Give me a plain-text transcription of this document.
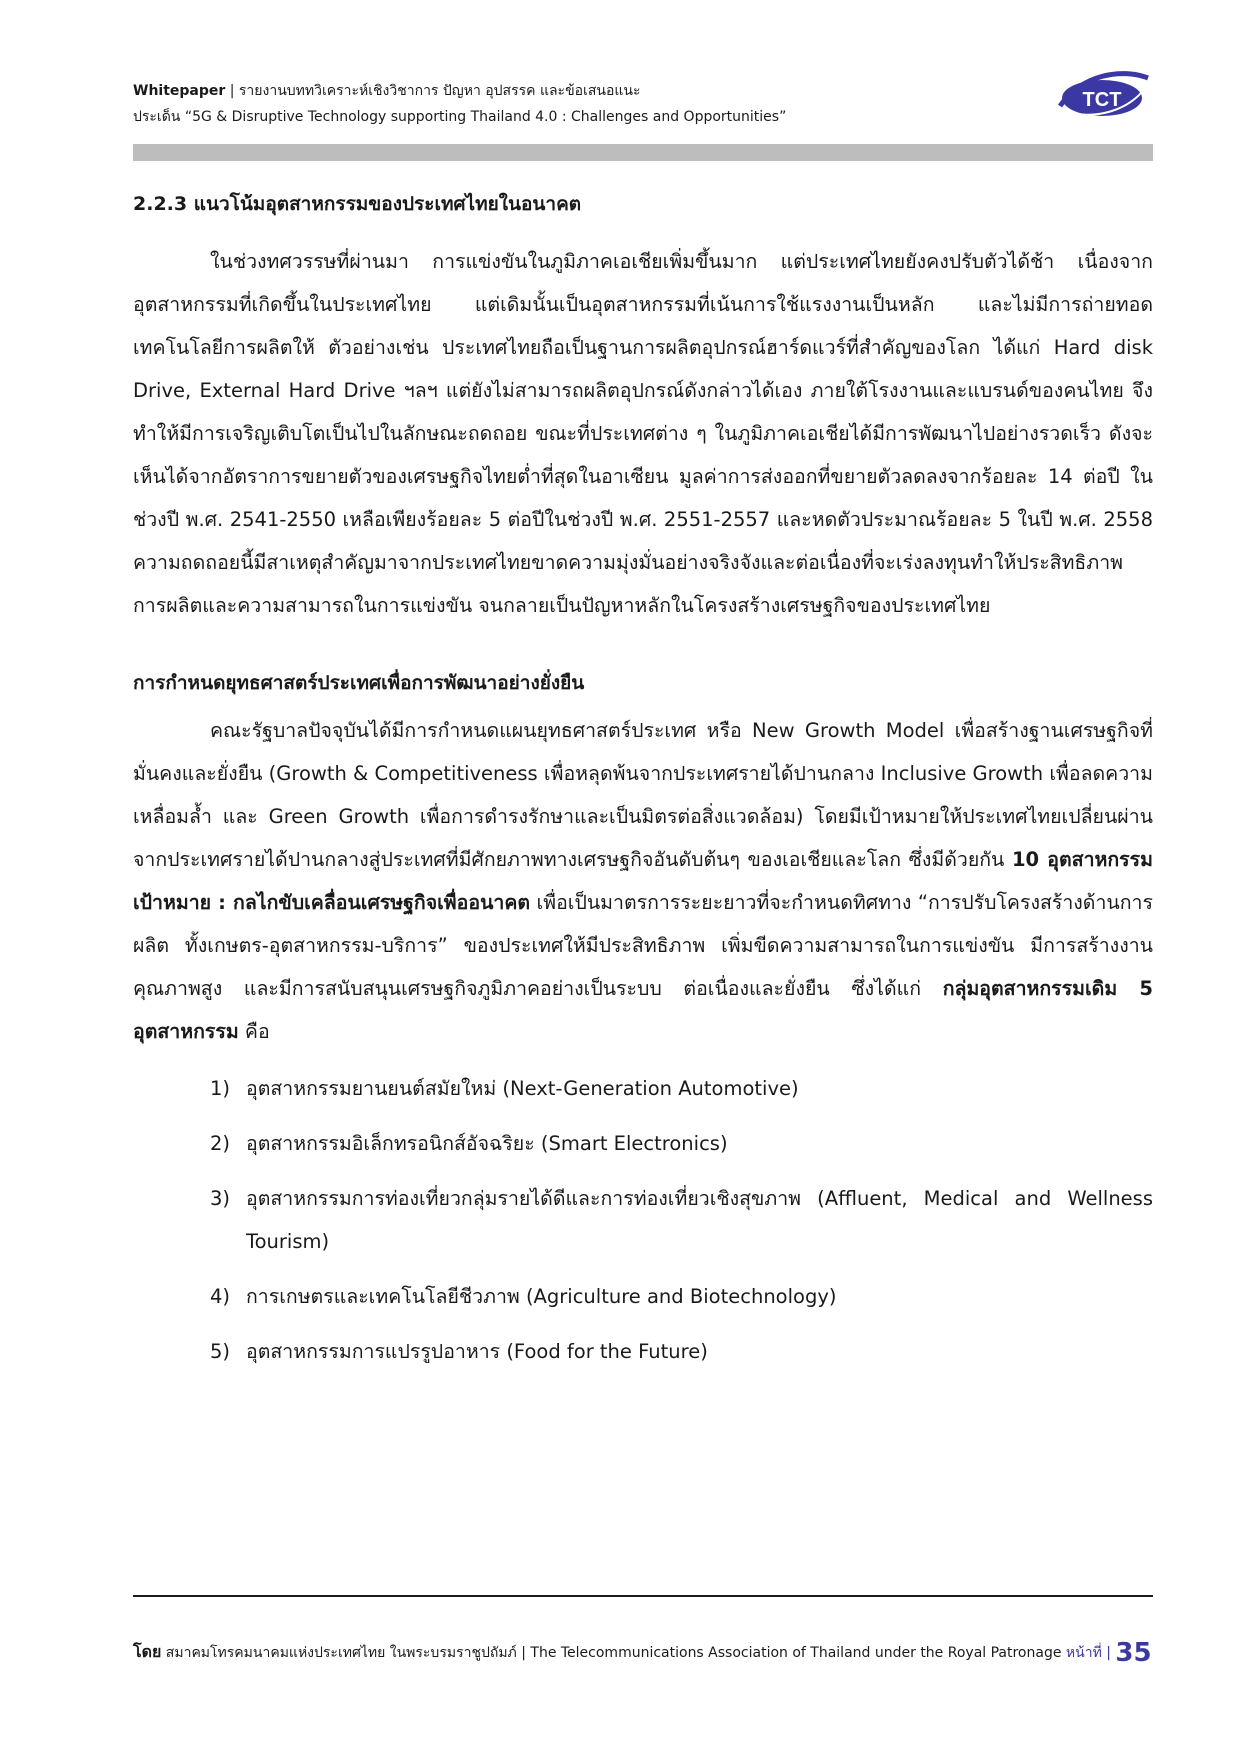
Whitepaper | รายงานบททวิเคราะห์เชิงวิชาการ ปัญหา อุปสรรค และข้อเสนอแนะ
ประเด็น “5G & Disruptive Technology supporting Thailand 4.0 : Challenges and Opportunities”
TCT
2.2.3 แนวโน้มอุตสาหกรรมของประเทศไทยในอนาคต

ในช่วงทศวรรษที่ผ่านมา การแข่งขันในภูมิภาคเอเชียเพิ่มขึ้นมาก แต่ประเทศไทยยังคงปรับตัวได้ช้า เนื่องจากอุตสาหกรรมที่เกิดขึ้นในประเทศไทย แต่เดิมนั้นเป็นอุตสาหกรรมที่เน้นการใช้แรงงานเป็นหลัก และไม่มีการถ่ายทอดเทคโนโลยีการผลิตให้ ตัวอย่างเช่น ประเทศไทยถือเป็นฐานการผลิตอุปกรณ์ฮาร์ดแวร์ที่สำคัญของโลก ได้แก่ Hard disk Drive, External Hard Drive ฯลฯ แต่ยังไม่สามารถผลิตอุปกรณ์ดังกล่าวได้เอง ภายใต้โรงงานและแบรนด์ของคนไทย จึงทำให้มีการเจริญเติบโตเป็นไปในลักษณะถดถอย ขณะที่ประเทศต่าง ๆ ในภูมิภาคเอเชียได้มีการพัฒนาไปอย่างรวดเร็ว ดังจะเห็นได้จากอัตราการขยายตัวของเศรษฐกิจไทยต่ำที่สุดในอาเซียน มูลค่าการส่งออกที่ขยายตัวลดลงจากร้อยละ 14 ต่อปี ในช่วงปี พ.ศ. 2541-2550 เหลือเพียงร้อยละ 5 ต่อปีในช่วงปี พ.ศ. 2551-2557 และหดตัวประมาณร้อยละ 5 ในปี พ.ศ. 2558 ความถดถอยนี้มีสาเหตุสำคัญมาจากประเทศไทยขาดความมุ่งมั่นอย่างจริงจังและต่อเนื่องที่จะเร่งลงทุนทำให้ประสิทธิภาพการผลิตและความสามารถในการแข่งขัน จนกลายเป็นปัญหาหลักในโครงสร้างเศรษฐกิจของประเทศไทย

การกำหนดยุทธศาสตร์ประเทศเพื่อการพัฒนาอย่างยั่งยืน

คณะรัฐบาลปัจจุบันได้มีการกำหนดแผนยุทธศาสตร์ประเทศ หรือ New Growth Model เพื่อสร้างฐานเศรษฐกิจที่มั่นคงและยั่งยืน (Growth & Competitiveness เพื่อหลุดพ้นจากประเทศรายได้ปานกลาง Inclusive Growth เพื่อลดความเหลื่อมล้ำ และ Green Growth เพื่อการดำรงรักษาและเป็นมิตรต่อสิ่งแวดล้อม) โดยมีเป้าหมายให้ประเทศไทยเปลี่ยนผ่านจากประเทศรายได้ปานกลางสู่ประเทศที่มีศักยภาพทางเศรษฐกิจอันดับต้นๆ ของเอเชียและโลก ซึ่งมีด้วยกัน 10 อุตสาหกรรมเป้าหมาย : กลไกขับเคลื่อนเศรษฐกิจเพื่ออนาคต เพื่อเป็นมาตรการระยะยาวที่จะกำหนดทิศทาง “การปรับโครงสร้างด้านการผลิต ทั้งเกษตร-อุตสาหกรรม-บริการ” ของประเทศให้มีประสิทธิภาพ เพิ่มขีดความสามารถในการแข่งขัน มีการสร้างงานคุณภาพสูง และมีการสนับสนุนเศรษฐกิจภูมิภาคอย่างเป็นระบบ ต่อเนื่องและยั่งยืน ซึ่งได้แก่ กลุ่มอุตสาหกรรมเดิม 5 อุตสาหกรรม คือ

1) อุตสาหกรรมยานยนต์สมัยใหม่ (Next-Generation Automotive)
2) อุตสาหกรรมอิเล็กทรอนิกส์อัจฉริยะ (Smart Electronics)
3) อุตสาหกรรมการท่องเที่ยวกลุ่มรายได้ดีและการท่องเที่ยวเชิงสุขภาพ (Affluent, Medical and Wellness Tourism)
4) การเกษตรและเทคโนโลยีชีวภาพ (Agriculture and Biotechnology)
5) อุตสาหกรรมการแปรรูปอาหาร (Food for the Future)
โดย สมาคมโทรคมนาคมแห่งประเทศไทย ในพระบรมราชูปถัมภ์ | The Telecommunications Association of Thailand under the Royal Patronage หน้าที่ | 35
